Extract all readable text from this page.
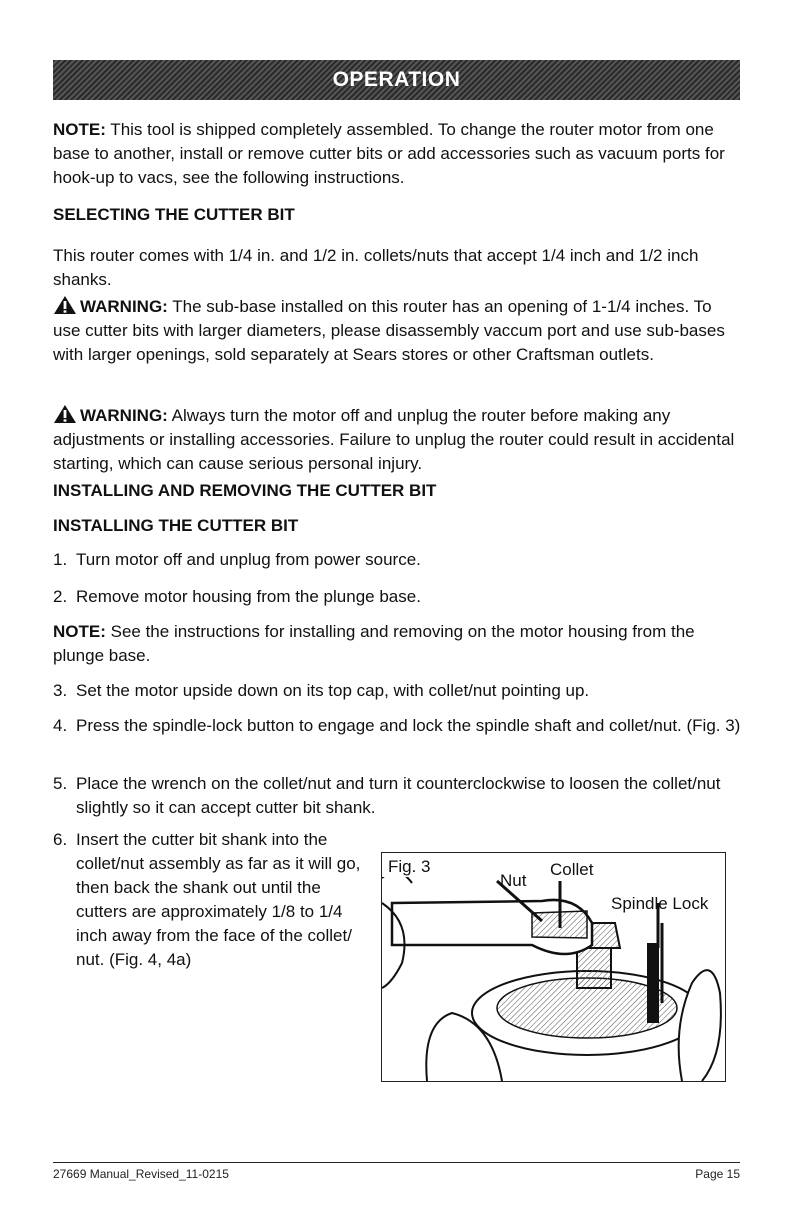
OPERATION

NOTE: This tool is shipped completely assembled. To change the router motor from one base to another, install or remove cutter bits or add accessories such as vacuum ports for hook-up to vacs, see the following instructions.

SELECTING THE CUTTER BIT

This router comes with 1/4 in. and 1/2 in. collets/nuts that accept 1/4 inch and 1/2 inch shanks.

WARNING: The sub-base installed on this router has an opening of 1-1/4 inches. To use cutter bits with larger diameters, please disassembly vaccum port and use sub-bases with larger openings, sold separately at Sears stores or other Craftsman outlets.

WARNING: Always turn the motor off and unplug the router before making any adjustments or installing accessories. Failure to unplug the router could result in accidental starting, which can cause serious personal injury.

INSTALLING AND REMOVING THE CUTTER BIT
INSTALLING THE CUTTER BIT
1. Turn motor off and unplug from power source.
2. Remove motor housing from the plunge base.

NOTE: See the instructions for installing and removing on the motor housing from the plunge base.

3. Set the motor upside down on its top cap, with collet/nut pointing up.
4. Press the spindle-lock button to engage and lock the spindle shaft and collet/nut. (Fig. 3)
5. Place the wrench on the collet/nut and turn it counterclockwise to loosen the collet/nut slightly so it can accept cutter bit shank.
6. Insert the cutter bit shank into the collet/nut assembly as far as it will go, then back the shank out until the cutters are approximately 1/8 to 1/4 inch away from the face of the collet/ nut. (Fig. 4, 4a)
Fig. 3
Nut
Collet
Spindle Lock
27669 Manual_Revised_11-0215	Page 15
